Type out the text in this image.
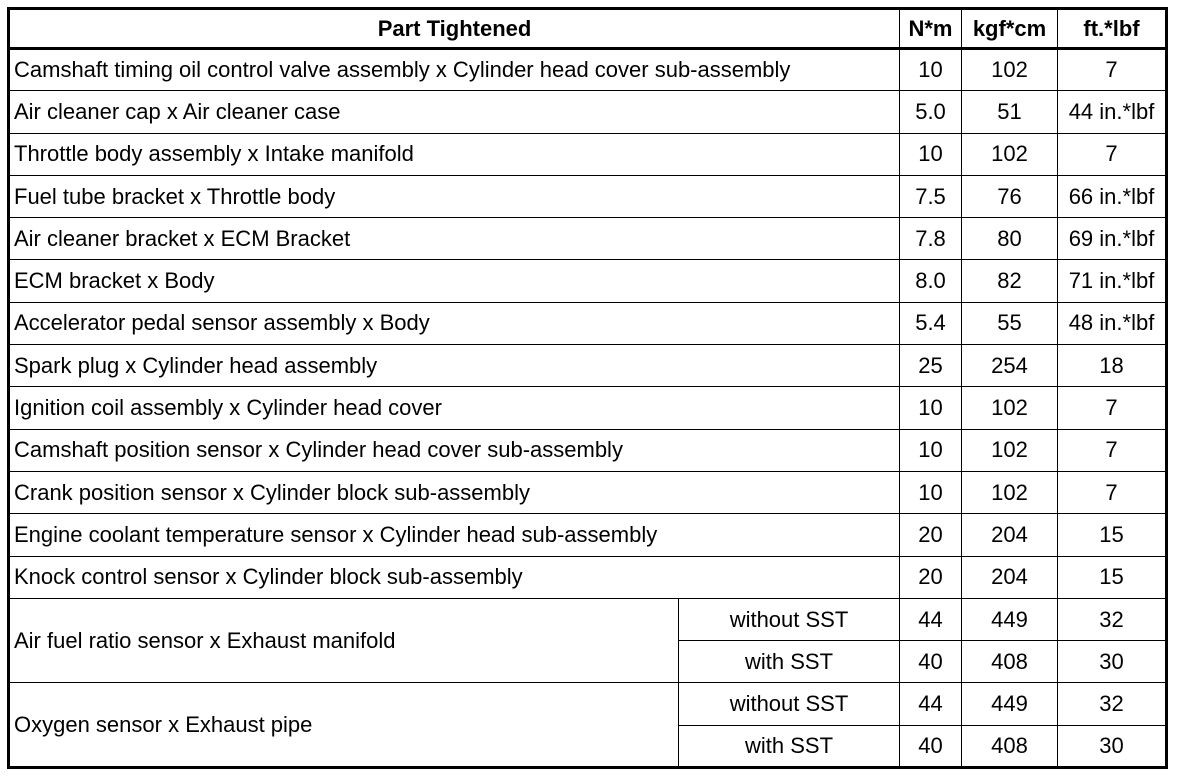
Part Tightened		N*m	kgf*cm	ft.*lbf
Camshaft timing oil control valve assembly x Cylinder head cover sub-assembly		10	102	7
Air cleaner cap x Air cleaner case		5.0	51	44 in.*lbf
Throttle body assembly x Intake manifold		10	102	7
Fuel tube bracket x Throttle body		7.5	76	66 in.*lbf
Air cleaner bracket x ECM Bracket		7.8	80	69 in.*lbf
ECM bracket x Body		8.0	82	71 in.*lbf
Accelerator pedal sensor assembly x Body		5.4	55	48 in.*lbf
Spark plug x Cylinder head assembly		25	254	18
Ignition coil assembly x Cylinder head cover		10	102	7
Camshaft position sensor x Cylinder head cover sub-assembly		10	102	7
Crank position sensor x Cylinder block sub-assembly		10	102	7
Engine coolant temperature sensor x Cylinder head sub-assembly		20	204	15
Knock control sensor x Cylinder block sub-assembly		20	204	15
Air fuel ratio sensor x Exhaust manifold	without SST	44	449	32
	with SST	40	408	30
Oxygen sensor x Exhaust pipe	without SST	44	449	32
	with SST	40	408	30
